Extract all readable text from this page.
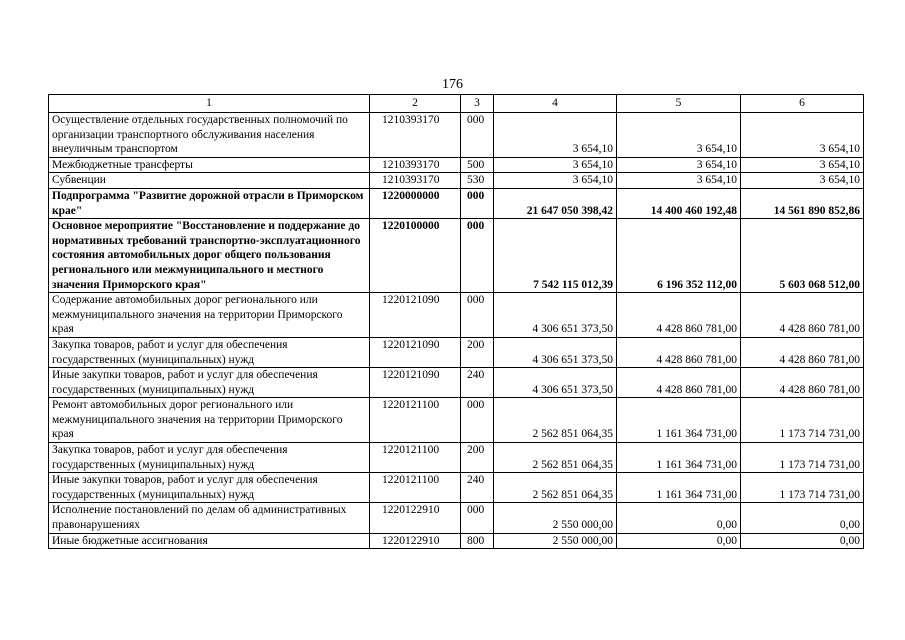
176
1	2	3	4	5	6
Осуществление отдельных государственных полномочий по организации транспортного обслуживания населения внеуличным транспортом	1210393170	000	3 654,10	3 654,10	3 654,10
Межбюджетные трансферты	1210393170	500	3 654,10	3 654,10	3 654,10
Субвенции	1210393170	530	3 654,10	3 654,10	3 654,10
Подпрограмма "Развитие дорожной отрасли в Приморском крае"	1220000000	000	21 647 050 398,42	14 400 460 192,48	14 561 890 852,86
Основное мероприятие "Восстановление и поддержание до нормативных требований транспортно-эксплуатационного состояния автомобильных дорог общего пользования регионального или межмуниципального и местного значения Приморского края"	1220100000	000	7 542 115 012,39	6 196 352 112,00	5 603 068 512,00
Содержание автомобильных дорог регионального или межмуниципального значения на территории Приморского края	1220121090	000	4 306 651 373,50	4 428 860 781,00	4 428 860 781,00
Закупка товаров, работ и услуг для обеспечения государственных (муниципальных) нужд	1220121090	200	4 306 651 373,50	4 428 860 781,00	4 428 860 781,00
Иные закупки товаров, работ и услуг для обеспечения государственных (муниципальных) нужд	1220121090	240	4 306 651 373,50	4 428 860 781,00	4 428 860 781,00
Ремонт автомобильных дорог регионального или межмуниципального значения на территории Приморского края	1220121100	000	2 562 851 064,35	1 161 364 731,00	1 173 714 731,00
Закупка товаров, работ и услуг для обеспечения государственных (муниципальных) нужд	1220121100	200	2 562 851 064,35	1 161 364 731,00	1 173 714 731,00
Иные закупки товаров, работ и услуг для обеспечения государственных (муниципальных) нужд	1220121100	240	2 562 851 064,35	1 161 364 731,00	1 173 714 731,00
Исполнение постановлений по делам об административных правонарушениях	1220122910	000	2 550 000,00	0,00	0,00
Иные бюджетные ассигнования	1220122910	800	2 550 000,00	0,00	0,00
